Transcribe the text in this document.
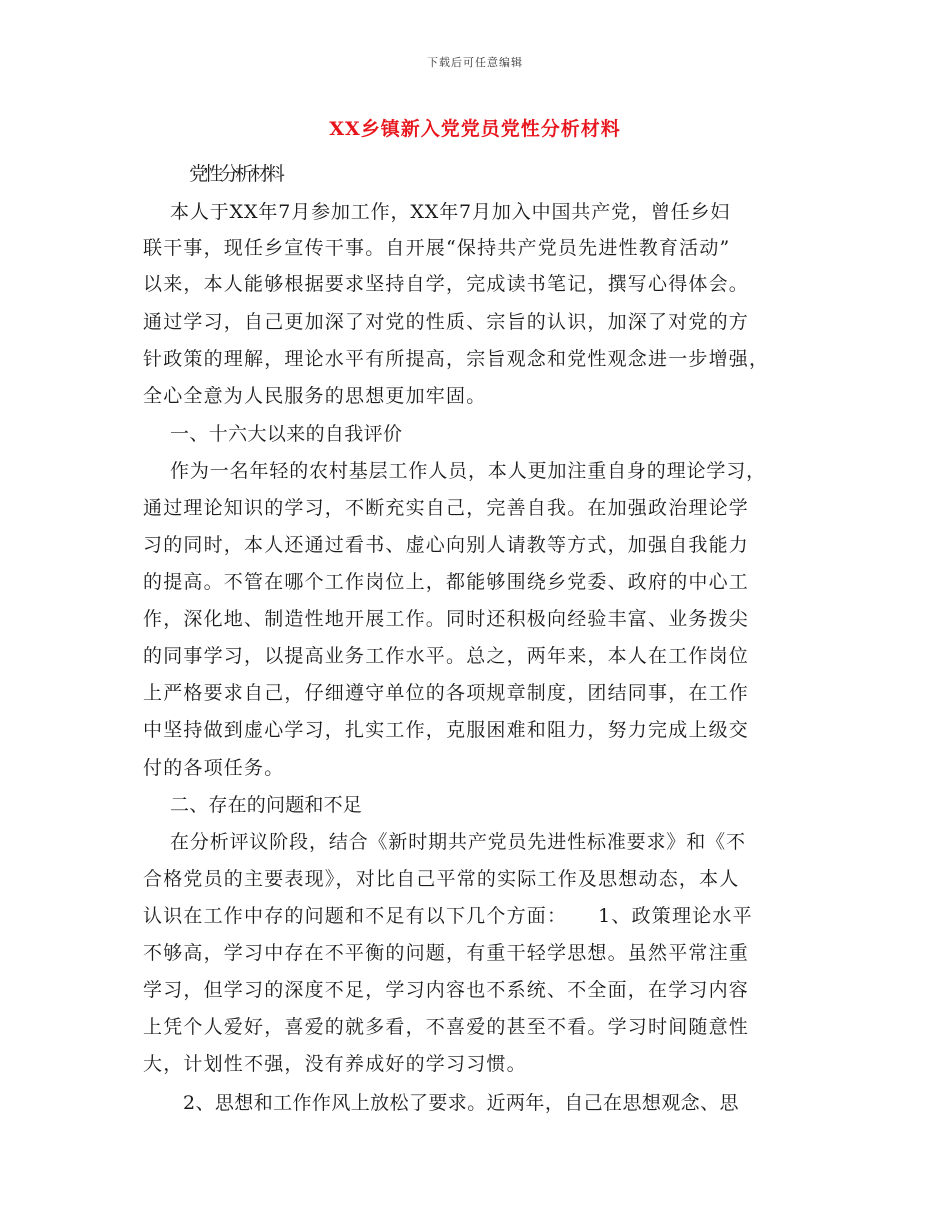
下载后可任意编辑
XX乡镇新入党党员党性分析材料
党性分析材料
本人于XX年7月参加工作，XX年7月加入中国共产党，曾任乡妇
联干事，现任乡宣传干事。自开展“保持共产党员先进性教育活动”
以来，本人能够根据要求坚持自学，完成读书笔记，撰写心得体会。
通过学习，自己更加深了对党的性质、宗旨的认识，加深了对党的方
针政策的理解，理论水平有所提高，宗旨观念和党性观念进一步增强，
全心全意为人民服务的思想更加牢固。
一、十六大以来的自我评价
作为一名年轻的农村基层工作人员，本人更加注重自身的理论学习，
通过理论知识的学习，不断充实自己，完善自我。在加强政治理论学
习的同时，本人还通过看书、虚心向别人请教等方式，加强自我能力
的提高。不管在哪个工作岗位上，都能够围绕乡党委、政府的中心工
作，深化地、制造性地开展工作。同时还积极向经验丰富、业务拨尖
的同事学习，以提高业务工作水平。总之，两年来，本人在工作岗位
上严格要求自己，仔细遵守单位的各项规章制度，团结同事，在工作
中坚持做到虚心学习，扎实工作，克服困难和阻力，努力完成上级交
付的各项任务。
二、存在的问题和不足
在分析评议阶段，结合《新时期共产党员先进性标准要求》和《不
合格党员的主要表现》，对比自己平常的实际工作及思想动态，本人
认识在工作中存的问题和不足有以下几个方面：　　1、政策理论水平
不够高，学习中存在不平衡的问题，有重干轻学思想。虽然平常注重
学习，但学习的深度不足，学习内容也不系统、不全面，在学习内容
上凭个人爱好，喜爱的就多看，不喜爱的甚至不看。学习时间随意性
大，计划性不强，没有养成好的学习习惯。
2、思想和工作作风上放松了要求。近两年，自己在思想观念、思
